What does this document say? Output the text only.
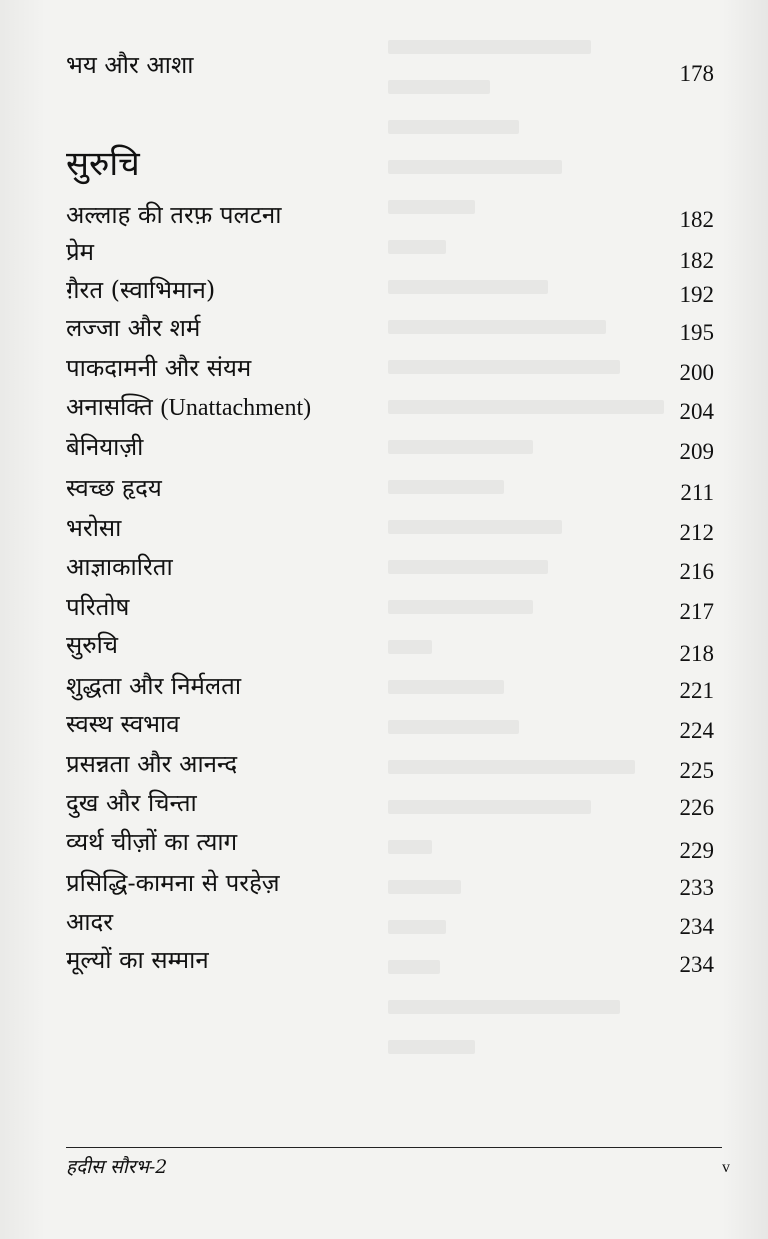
भय और आशा	178
सुरुचि
अल्लाह की तरफ़ पलटना	182
प्रेम	182
ग़ैरत (स्वाभिमान)	192
लज्जा और शर्म	195
पाकदामनी और संयम	200
अनासक्ति (Unattachment)	204
बेनियाज़ी	209
स्वच्छ हृदय	211
भरोसा	212
आज्ञाकारिता	216
परितोष	217
सुरुचि	218
शुद्धता और निर्मलता	221
स्वस्थ स्वभाव	224
प्रसन्नता और आनन्द	225
दुख और चिन्ता	226
व्यर्थ चीज़ों का त्याग	229
प्रसिद्धि-कामना से परहेज़	233
आदर	234
मूल्यों का सम्मान	234
हदीस सौरभ-2	v
